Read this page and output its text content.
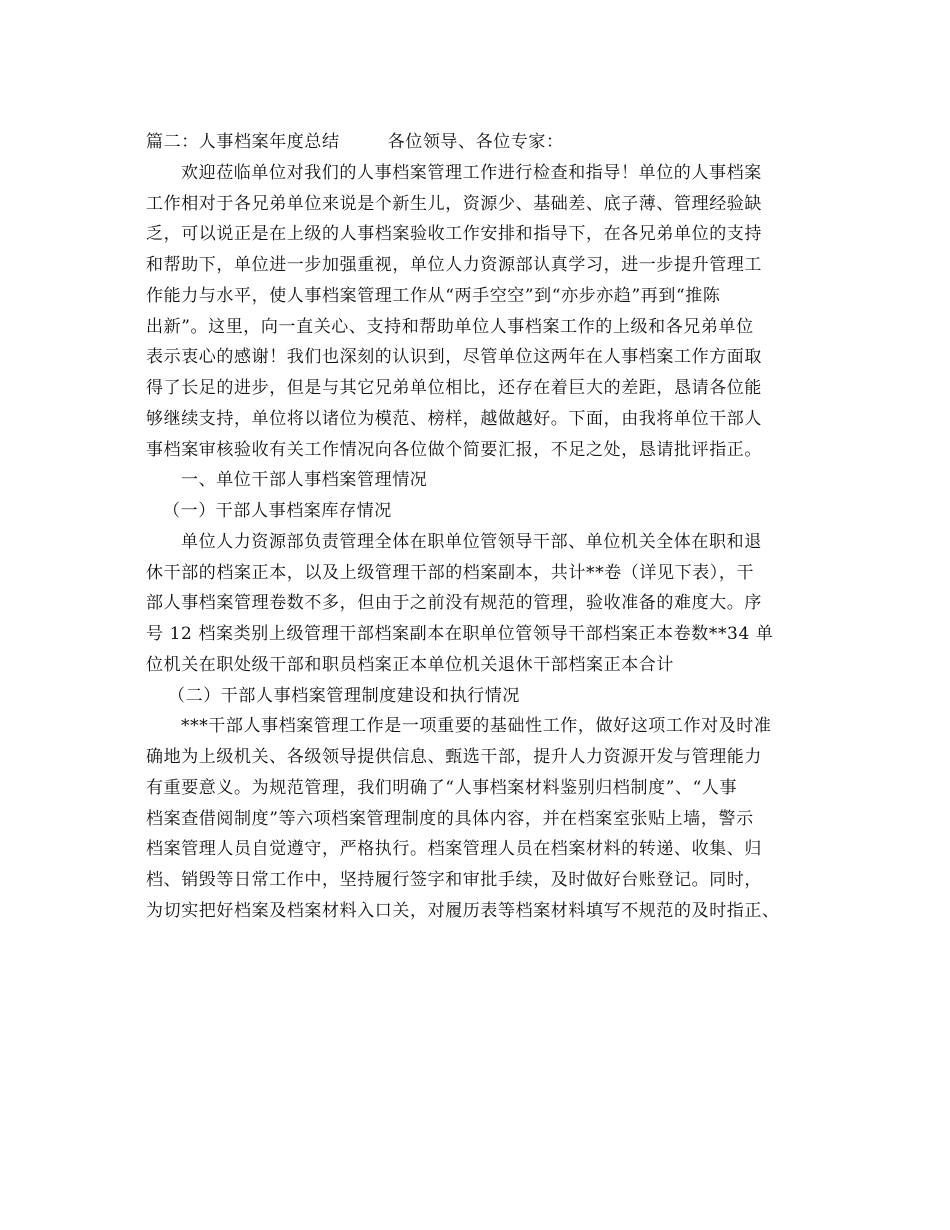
篇二：人事档案年度总结        各位领导、各位专家：
欢迎莅临单位对我们的人事档案管理工作进行检查和指导！单位的人事档案
工作相对于各兄弟单位来说是个新生儿，资源少、基础差、底子薄、管理经验缺
乏，可以说正是在上级的人事档案验收工作安排和指导下，在各兄弟单位的支持
和帮助下，单位进一步加强重视，单位人力资源部认真学习，进一步提升管理工
作能力与水平，使人事档案管理工作从“两手空空”到“亦步亦趋”再到“推陈
出新”。这里，向一直关心、支持和帮助单位人事档案工作的上级和各兄弟单位
表示衷心的感谢！我们也深刻的认识到，尽管单位这两年在人事档案工作方面取
得了长足的进步，但是与其它兄弟单位相比，还存在着巨大的差距，恳请各位能
够继续支持，单位将以诸位为模范、榜样，越做越好。下面，由我将单位干部人
事档案审核验收有关工作情况向各位做个简要汇报，不足之处，恳请批评指正。
一、单位干部人事档案管理情况
（一）干部人事档案库存情况
单位人力资源部负责管理全体在职单位管领导干部、单位机关全体在职和退
休干部的档案正本，以及上级管理干部的档案副本，共计**卷（详见下表），干
部人事档案管理卷数不多，但由于之前没有规范的管理，验收准备的难度大。序
号 12 档案类别上级管理干部档案副本在职单位管领导干部档案正本卷数**34 单
位机关在职处级干部和职员档案正本单位机关退休干部档案正本合计
（二）干部人事档案管理制度建设和执行情况
***干部人事档案管理工作是一项重要的基础性工作，做好这项工作对及时准
确地为上级机关、各级领导提供信息、甄选干部，提升人力资源开发与管理能力
有重要意义。为规范管理，我们明确了“人事档案材料鉴别归档制度”、“人事
档案查借阅制度”等六项档案管理制度的具体内容，并在档案室张贴上墙，警示
档案管理人员自觉遵守，严格执行。档案管理人员在档案材料的转递、收集、归
档、销毁等日常工作中，坚持履行签字和审批手续，及时做好台账登记。同时，
为切实把好档案及档案材料入口关，对履历表等档案材料填写不规范的及时指正、
